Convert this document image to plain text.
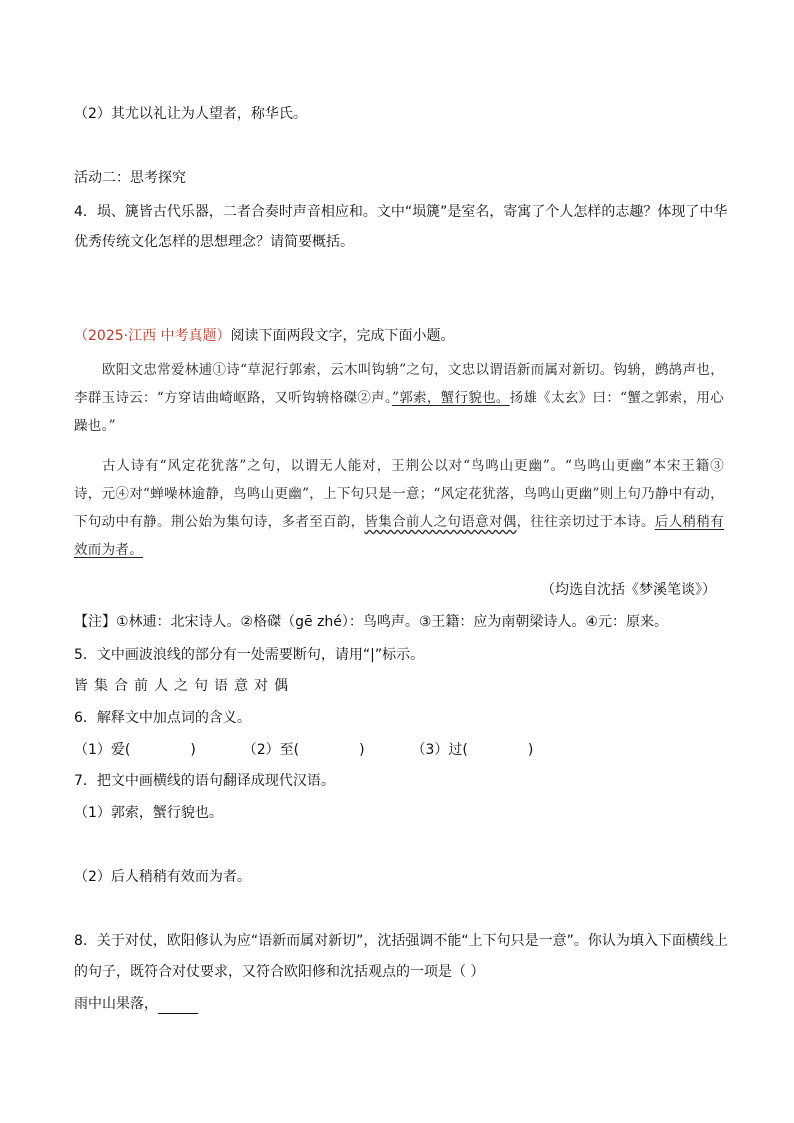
（2）其尤以礼让为人望者，称华氏。
活动二：思考探究
4．埙、篪皆古代乐器，二者合奏时声音相应和。文中“埙篪”是室名，寄寓了个人怎样的志趣？体现了中华
优秀传统文化怎样的思想理念？请简要概括。
（2025·江西 中考真题）阅读下面两段文字，完成下面小题。

欧阳文忠常爱林逋①诗“草泥行郭索，云木叫钩辀”之句，文忠以谓语新而属对新切。钩辀，鹧鸪声也，李群玉诗云：“方穿诘曲崎岖路，又听钩辀格磔②声。”郭索，蟹行貌也。扬雄《太玄》曰：“蟹之郭索，用心躁也。”

古人诗有“风定花犹落”之句，以谓无人能对，王荆公以对“鸟鸣山更幽”。“鸟鸣山更幽”本宋王籍③诗，元④对“蝉噪林逾静，鸟鸣山更幽”，上下句只是一意；“风定花犹落，鸟鸣山更幽”则上句乃静中有动，下句动中有静。荆公始为集句诗，多者至百韵，皆集合前人之句语意对偶，往往亲切过于本诗。后人稍稍有效而为者。

（均选自沈括《梦溪笔谈》）
【注】①林逋：北宋诗人。②格磔（gē zhé）：鸟鸣声。③王籍：应为南朝梁诗人。④元：原来。
5．文中画波浪线的部分有一处需要断句，请用“|”标示。
皆集合前人之句语意对偶
6．解释文中加点词的含义。
（1）爱(	)	（2）至(	)	（3）过(	)
7．把文中画横线的语句翻译成现代汉语。
（1）郭索，蟹行貌也。
（2）后人稍稍有效而为者。
8．关于对仗，欧阳修认为应“语新而属对新切”，沈括强调不能“上下句只是一意”。你认为填入下面横线上
的句子，既符合对仗要求，又符合欧阳修和沈括观点的一项是（ ）
雨中山果落，
